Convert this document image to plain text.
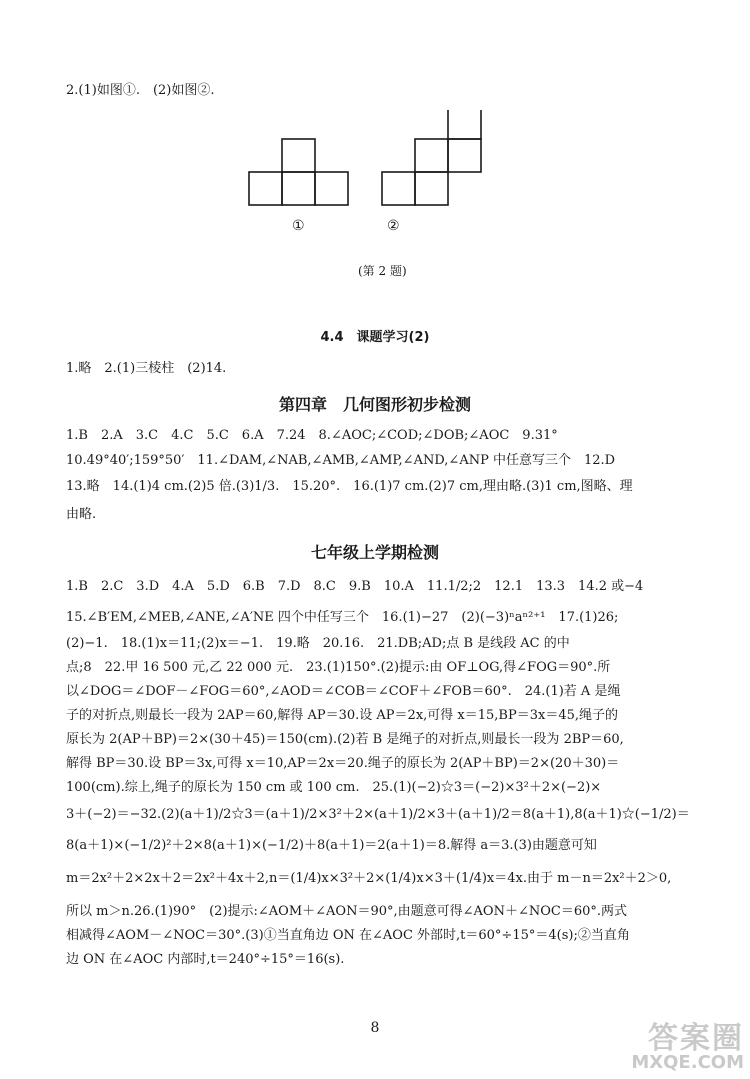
2.(1)如图①.　(2)如图②.
①	②
(第 2 题)
4.4　课题学习(2)
1.略　2.(1)三棱柱　(2)14.
第四章　几何图形初步检测
1.B　2.A　3.C　4.C　5.C　6.A　7.24　8.∠AOC;∠COD;∠DOB;∠AOC　9.31°
10.49°40′;159°50′　11.∠DAM,∠NAB,∠AMB,∠AMP,∠AND,∠ANP 中任意写三个　12.D
13.略　14.(1)4 cm.(2)5 倍.(3)1/3.　15.20°.　16.(1)7 cm.(2)7 cm,理由略.(3)1 cm,图略、理
由略.
七年级上学期检测
1.B　2.C　3.D　4.A　5.D　6.B　7.D　8.C　9.B　10.A　11.1/2;2　12.1　13.3　14.2 或−4
15.∠B′EM,∠MEB,∠ANE,∠A′NE 四个中任写三个　16.(1)−27　(2)(−3)ⁿaⁿ²⁺¹　17.(1)26;
(2)−1.　18.(1)x＝11;(2)x＝−1.　19.略　20.16.　21.DB;AD;点 B 是线段 AC 的中
点;8　22.甲 16 500 元,乙 22 000 元.　23.(1)150°.(2)提示:由 OF⊥OG,得∠FOG＝90°.所
以∠DOG＝∠DOF－∠FOG＝60°,∠AOD＝∠COB＝∠COF＋∠FOB＝60°.　24.(1)若 A 是绳
子的对折点,则最长一段为 2AP＝60,解得 AP＝30.设 AP＝2x,可得 x＝15,BP＝3x＝45,绳子的
原长为 2(AP＋BP)＝2×(30＋45)＝150(cm).(2)若 B 是绳子的对折点,则最长一段为 2BP＝60,
解得 BP＝30.设 BP＝3x,可得 x＝10,AP＝2x＝20.绳子的原长为 2(AP＋BP)＝2×(20＋30)＝
100(cm).综上,绳子的原长为 150 cm 或 100 cm.　25.(1)(−2)☆3＝(−2)×3²＋2×(−2)×
3＋(−2)＝−32.(2)(a＋1)/2☆3＝(a＋1)/2×3²＋2×(a＋1)/2×3＋(a＋1)/2＝8(a＋1),8(a＋1)☆(−1/2)＝
8(a＋1)×(−1/2)²＋2×8(a＋1)×(−1/2)＋8(a＋1)＝2(a＋1)＝8.解得 a＝3.(3)由题意可知
m＝2x²＋2×2x＋2＝2x²＋4x＋2,n＝(1/4)x×3²＋2×(1/4)x×3＋(1/4)x＝4x.由于 m－n＝2x²＋2＞0,
所以 m＞n.26.(1)90°　(2)提示:∠AOM＋∠AON＝90°,由题意可得∠AON＋∠NOC＝60°.两式
相减得∠AOM－∠NOC＝30°.(3)①当直角边 ON 在∠AOC 外部时,t＝60°÷15°＝4(s);②当直角
边 ON 在∠AOC 内部时,t＝240°÷15°＝16(s).
8	答案圈
MXQE.COM
